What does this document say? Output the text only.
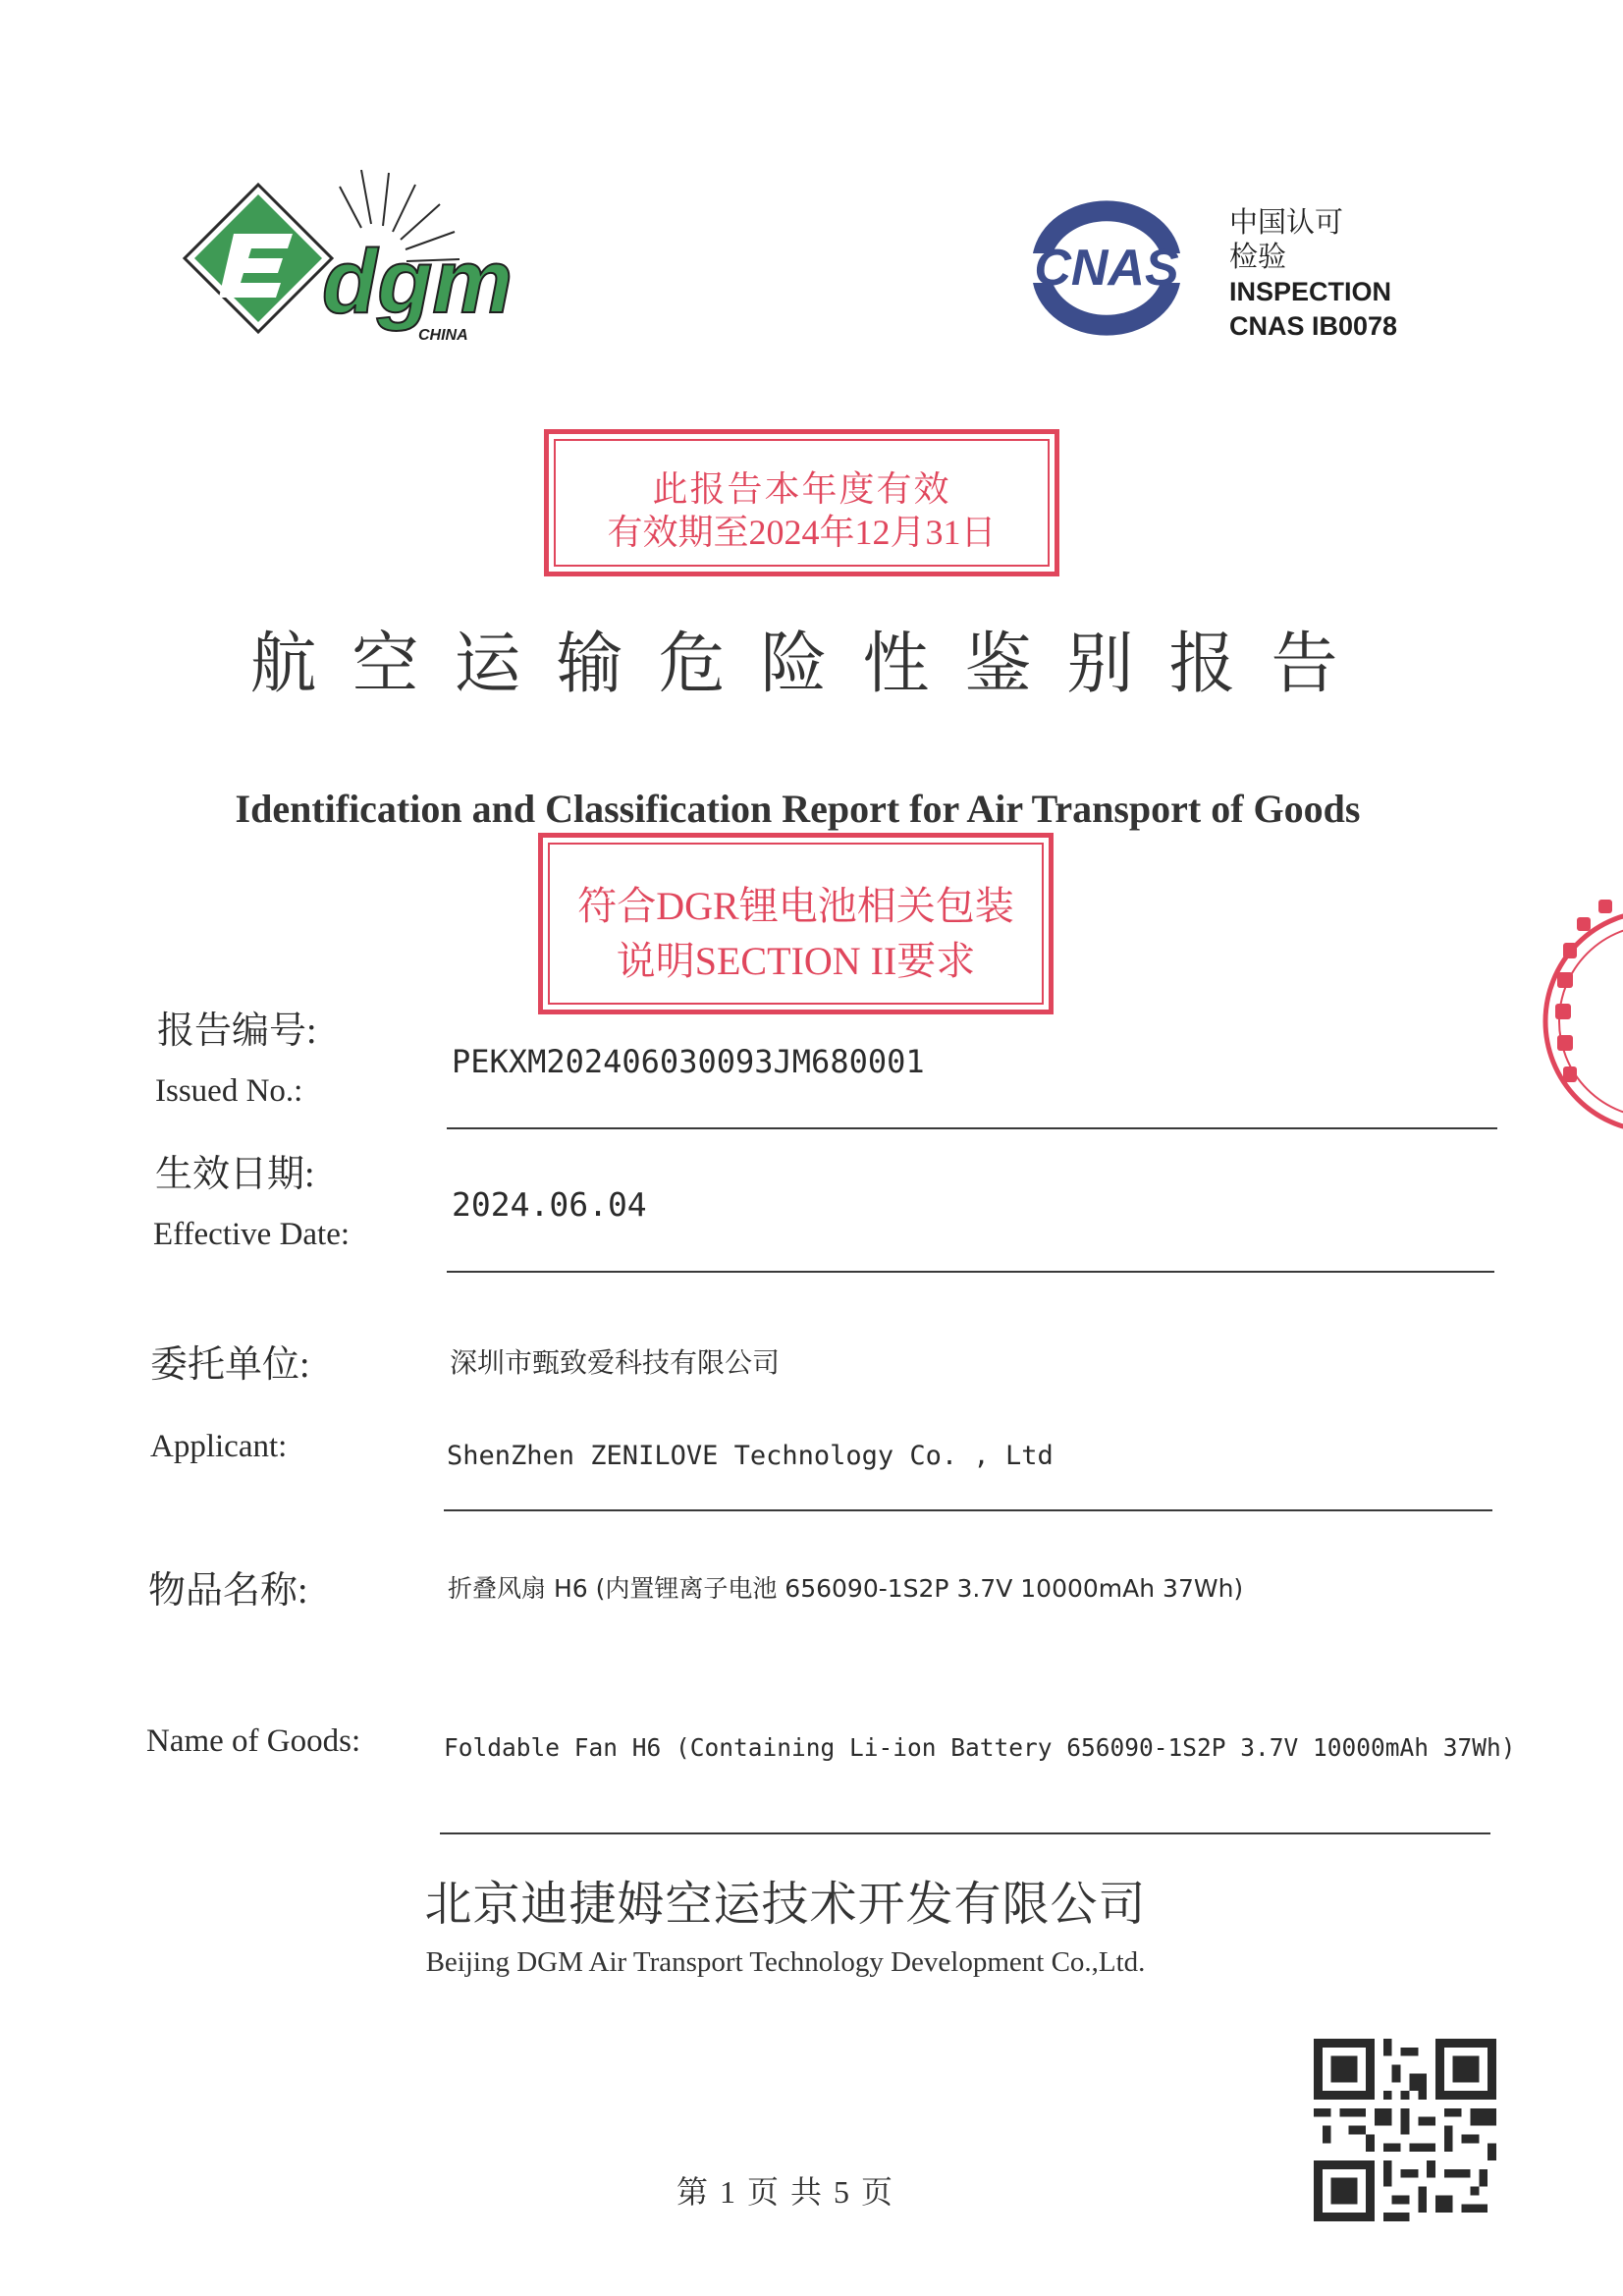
dgm
CHINA
CNAS
中国认可
检验
INSPECTION
CNAS IB0078
此报告本年度有效
有效期至2024年12月31日
航空运输危险性鉴别报告
Identification and Classification Report for Air Transport of Goods
符合DGR锂电池相关包装
说明SECTION II要求
报告编号:
Issued No.:
PEKXM202406030093JM680001
生效日期:
Effective Date:
2024.06.04
委托单位:	深圳市甄致爱科技有限公司
Applicant:	ShenZhen ZENILOVE Technology Co. , Ltd
物品名称:	折叠风扇 H6 (内置锂离子电池 656090-1S2P 3.7V 10000mAh 37Wh)
Name of Goods:	Foldable Fan H6 (Containing Li-ion Battery 656090-1S2P 3.7V 10000mAh 37Wh)
北京迪捷姆空运技术开发有限公司
Beijing DGM Air Transport Technology Development Co.,Ltd.
第 1 页 共 5 页
